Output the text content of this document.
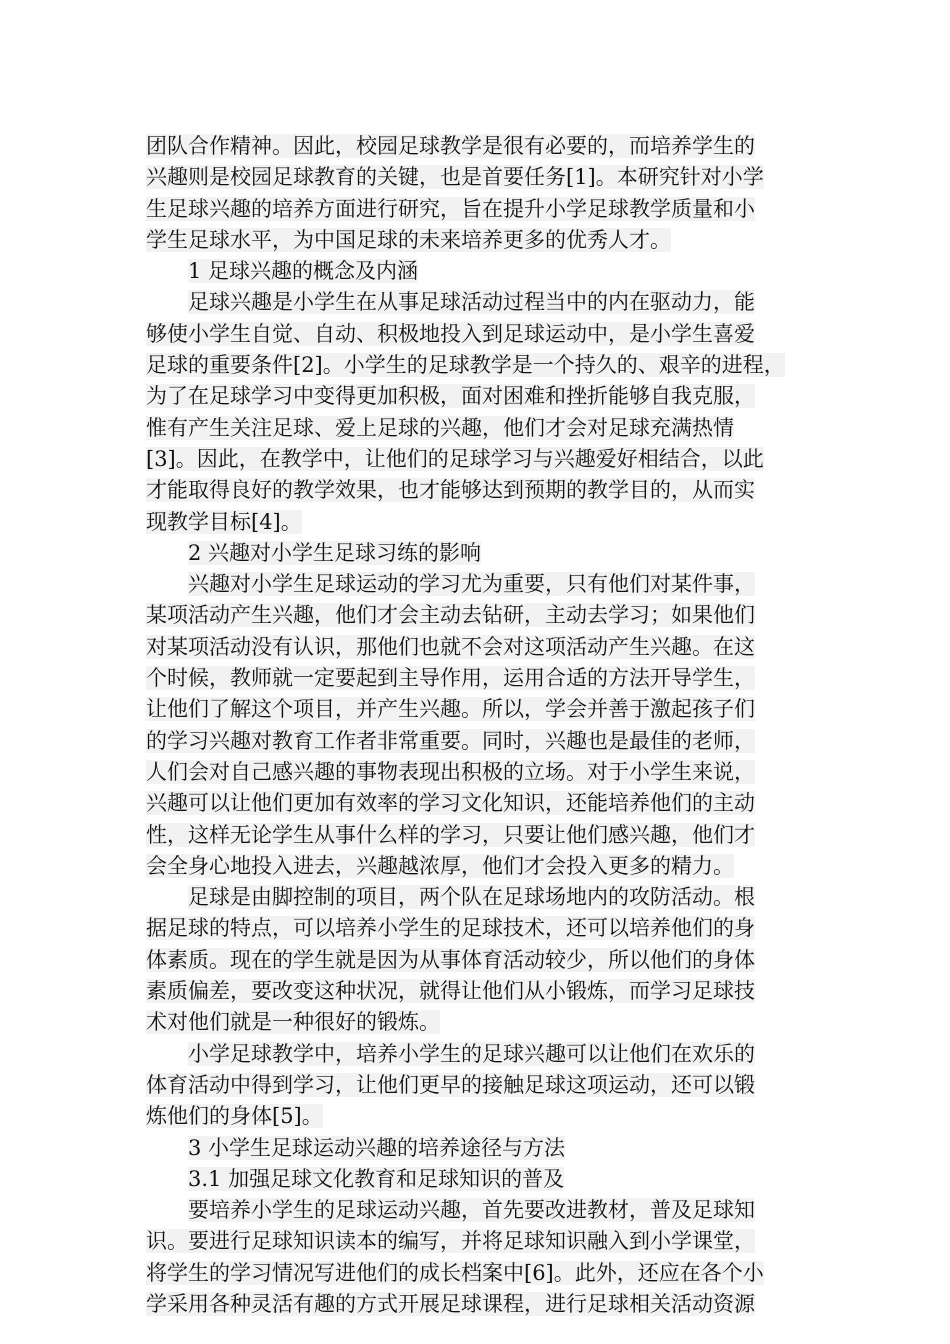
团队合作精神。因此，校园足球教学是很有必要的，而培养学生的
兴趣则是校园足球教育的关键，也是首要任务[1]。本研究针对小学
生足球兴趣的培养方面进行研究，旨在提升小学足球教学质量和小
学生足球水平，为中国足球的未来培养更多的优秀人才。
1 足球兴趣的概念及内涵
足球兴趣是小学生在从事足球活动过程当中的内在驱动力，能
够使小学生自觉、自动、积极地投入到足球运动中，是小学生喜爱
足球的重要条件[2]。小学生的足球教学是一个持久的、艰辛的进程，
为了在足球学习中变得更加积极，面对困难和挫折能够自我克服，
惟有产生关注足球、爱上足球的兴趣，他们才会对足球充满热情
[3]。因此，在教学中，让他们的足球学习与兴趣爱好相结合，以此
才能取得良好的教学效果，也才能够达到预期的教学目的，从而实
现教学目标[4]。
2 兴趣对小学生足球习练的影响
兴趣对小学生足球运动的学习尤为重要，只有他们对某件事，
某项活动产生兴趣，他们才会主动去钻研，主动去学习；如果他们
对某项活动没有认识，那他们也就不会对这项活动产生兴趣。在这
个时候，教师就一定要起到主导作用，运用合适的方法开导学生，
让他们了解这个项目，并产生兴趣。所以，学会并善于激起孩子们
的学习兴趣对教育工作者非常重要。同时，兴趣也是最佳的老师，
人们会对自己感兴趣的事物表现出积极的立场。对于小学生来说，
兴趣可以让他们更加有效率的学习文化知识，还能培养他们的主动
性，这样无论学生从事什么样的学习，只要让他们感兴趣，他们才
会全身心地投入进去，兴趣越浓厚，他们才会投入更多的精力。
足球是由脚控制的项目，两个队在足球场地内的攻防活动。根
据足球的特点，可以培养小学生的足球技术，还可以培养他们的身
体素质。现在的学生就是因为从事体育活动较少，所以他们的身体
素质偏差，要改变这种状况，就得让他们从小锻炼，而学习足球技
术对他们就是一种很好的锻炼。
小学足球教学中，培养小学生的足球兴趣可以让他们在欢乐的
体育活动中得到学习，让他们更早的接触足球这项运动，还可以锻
炼他们的身体[5]。
3 小学生足球运动兴趣的培养途径与方法
3.1 加强足球文化教育和足球知识的普及
要培养小学生的足球运动兴趣，首先要改进教材，普及足球知
识。要进行足球知识读本的编写，并将足球知识融入到小学课堂，
将学生的学习情况写进他们的成长档案中[6]。此外，还应在各个小
学采用各种灵活有趣的方式开展足球课程，进行足球相关活动资源
